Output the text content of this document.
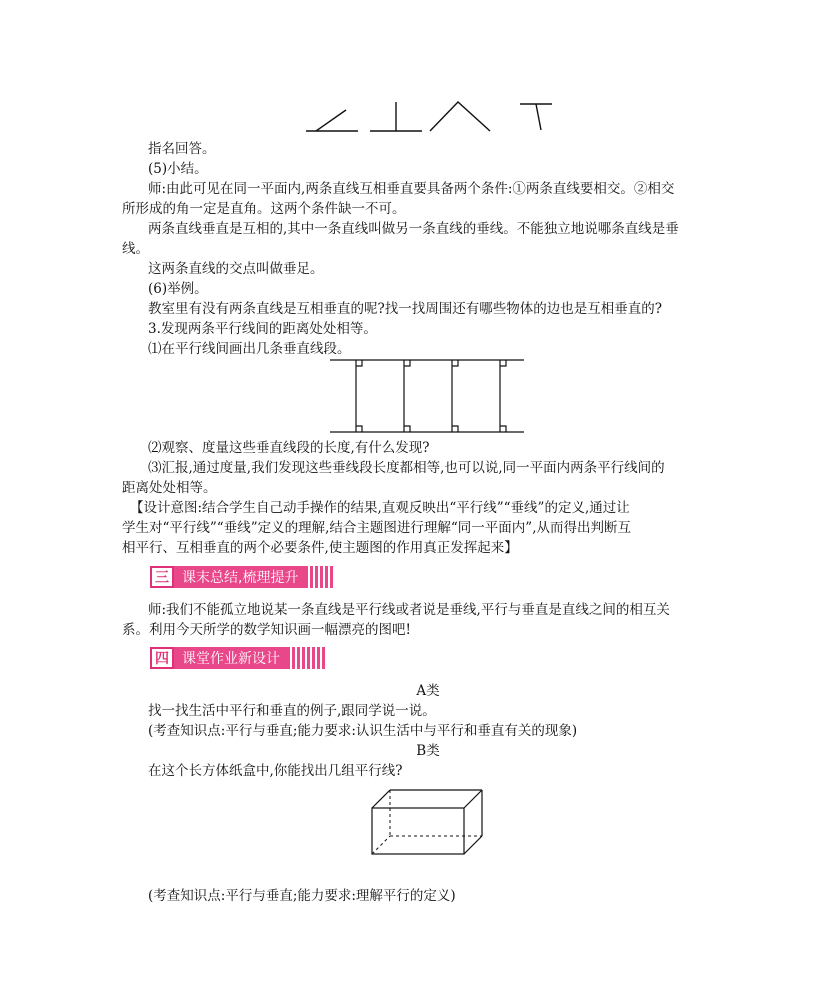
指名回答。
(5)小结。
师:由此可见在同一平面内,两条直线互相垂直要具备两个条件:①两条直线要相交。②相交
所形成的角一定是直角。这两个条件缺一不可。
两条直线垂直是互相的,其中一条直线叫做另一条直线的垂线。不能独立地说哪条直线是垂
线。
这两条直线的交点叫做垂足。
(6)举例。
教室里有没有两条直线是互相垂直的呢?找一找周围还有哪些物体的边也是互相垂直的?
3.发现两条平行线间的距离处处相等。
⑴在平行线间画出几条垂直线段。
⑵观察、度量这些垂直线段的长度,有什么发现?
⑶汇报,通过度量,我们发现这些垂线段长度都相等,也可以说,同一平面内两条平行线间的
距离处处相等。
【设计意图:结合学生自己动手操作的结果,直观反映出“平行线”“垂线”的定义,通过让
学生对“平行线”“垂线”定义的理解,结合主题图进行理解“同一平面内”,从而得出判断互
相平行、互相垂直的两个必要条件,使主题图的作用真正发挥起来】
三 课末总结,梳理提升
师:我们不能孤立地说某一条直线是平行线或者说是垂线,平行与垂直是直线之间的相互关
系。利用今天所学的数学知识画一幅漂亮的图吧!
四 课堂作业新设计
A类
找一找生活中平行和垂直的例子,跟同学说一说。
(考查知识点:平行与垂直;能力要求:认识生活中与平行和垂直有关的现象)
B类
在这个长方体纸盒中,你能找出几组平行线?
(考查知识点:平行与垂直;能力要求:理解平行的定义)
